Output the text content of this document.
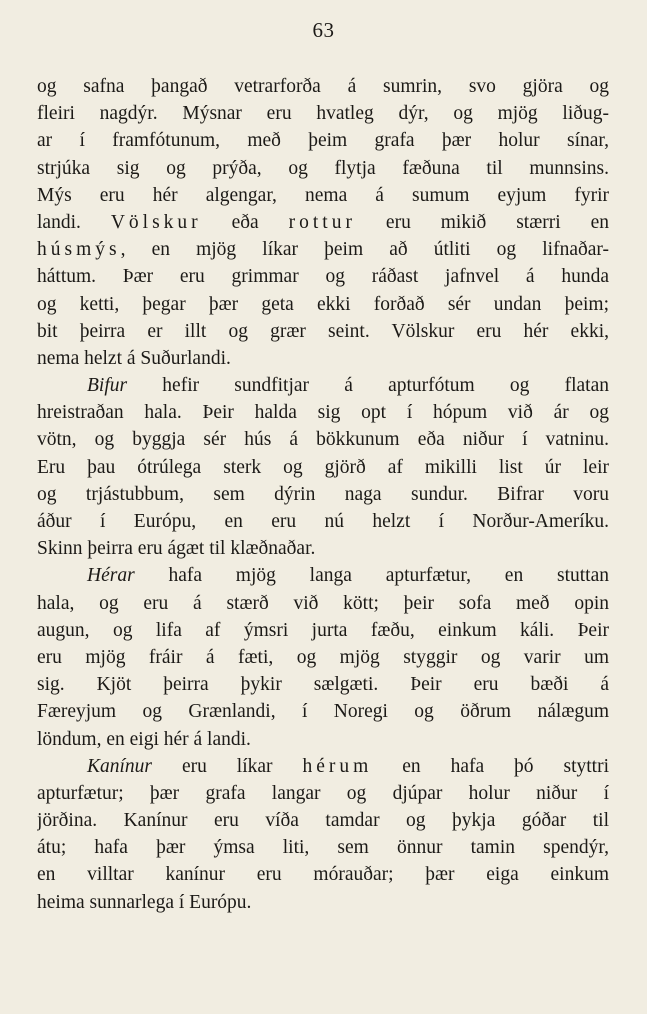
63
og safna þangað vetrarforða á sumrin, svo gjöra og
fleiri nagdýr. Mýsnar eru hvatleg dýr, og mjög liðug-
ar í framfótunum, með þeim grafa þær holur sínar,
strjúka sig og prýða, og flytja fæðuna til munnsins.
Mýs eru hér algengar, nema á sumum eyjum fyrir
landi. Völskur eða rottur eru mikið stærri en
húsmýs, en mjög líkar þeim að útliti og lifnaðar-
háttum. Þær eru grimmar og ráðast jafnvel á hunda
og ketti, þegar þær geta ekki forðað sér undan þeim;
bit þeirra er illt og grær seint. Völskur eru hér ekki,
nema helzt á Suðurlandi.
Bifur hefir sundfitjar á apturfótum og flatan
hreistraðan hala. Þeir halda sig opt í hópum við ár og
vötn, og byggja sér hús á bökkunum eða niður í vatninu.
Eru þau ótrúlega sterk og gjörð af mikilli list úr leir
og trjástubbum, sem dýrin naga sundur. Bifrar voru
áður í Európu, en eru nú helzt í Norður-Ameríku.
Skinn þeirra eru ágæt til klæðnaðar.
Hérar hafa mjög langa apturfætur, en stuttan
hala, og eru á stærð við kött; þeir sofa með opin
augun, og lifa af ýmsri jurta fæðu, einkum káli. Þeir
eru mjög fráir á fæti, og mjög styggir og varir um
sig. Kjöt þeirra þykir sælgæti. Þeir eru bæði á
Færeyjum og Grænlandi, í Noregi og öðrum nálægum
löndum, en eigi hér á landi.
Kanínur eru líkar hérum en hafa þó styttri
apturfætur; þær grafa langar og djúpar holur niður í
jörðina. Kanínur eru víða tamdar og þykja góðar til
átu; hafa þær ýmsa liti, sem önnur tamin spendýr,
en villtar kanínur eru mórauðar; þær eiga einkum
heima sunnarlega í Európu.
